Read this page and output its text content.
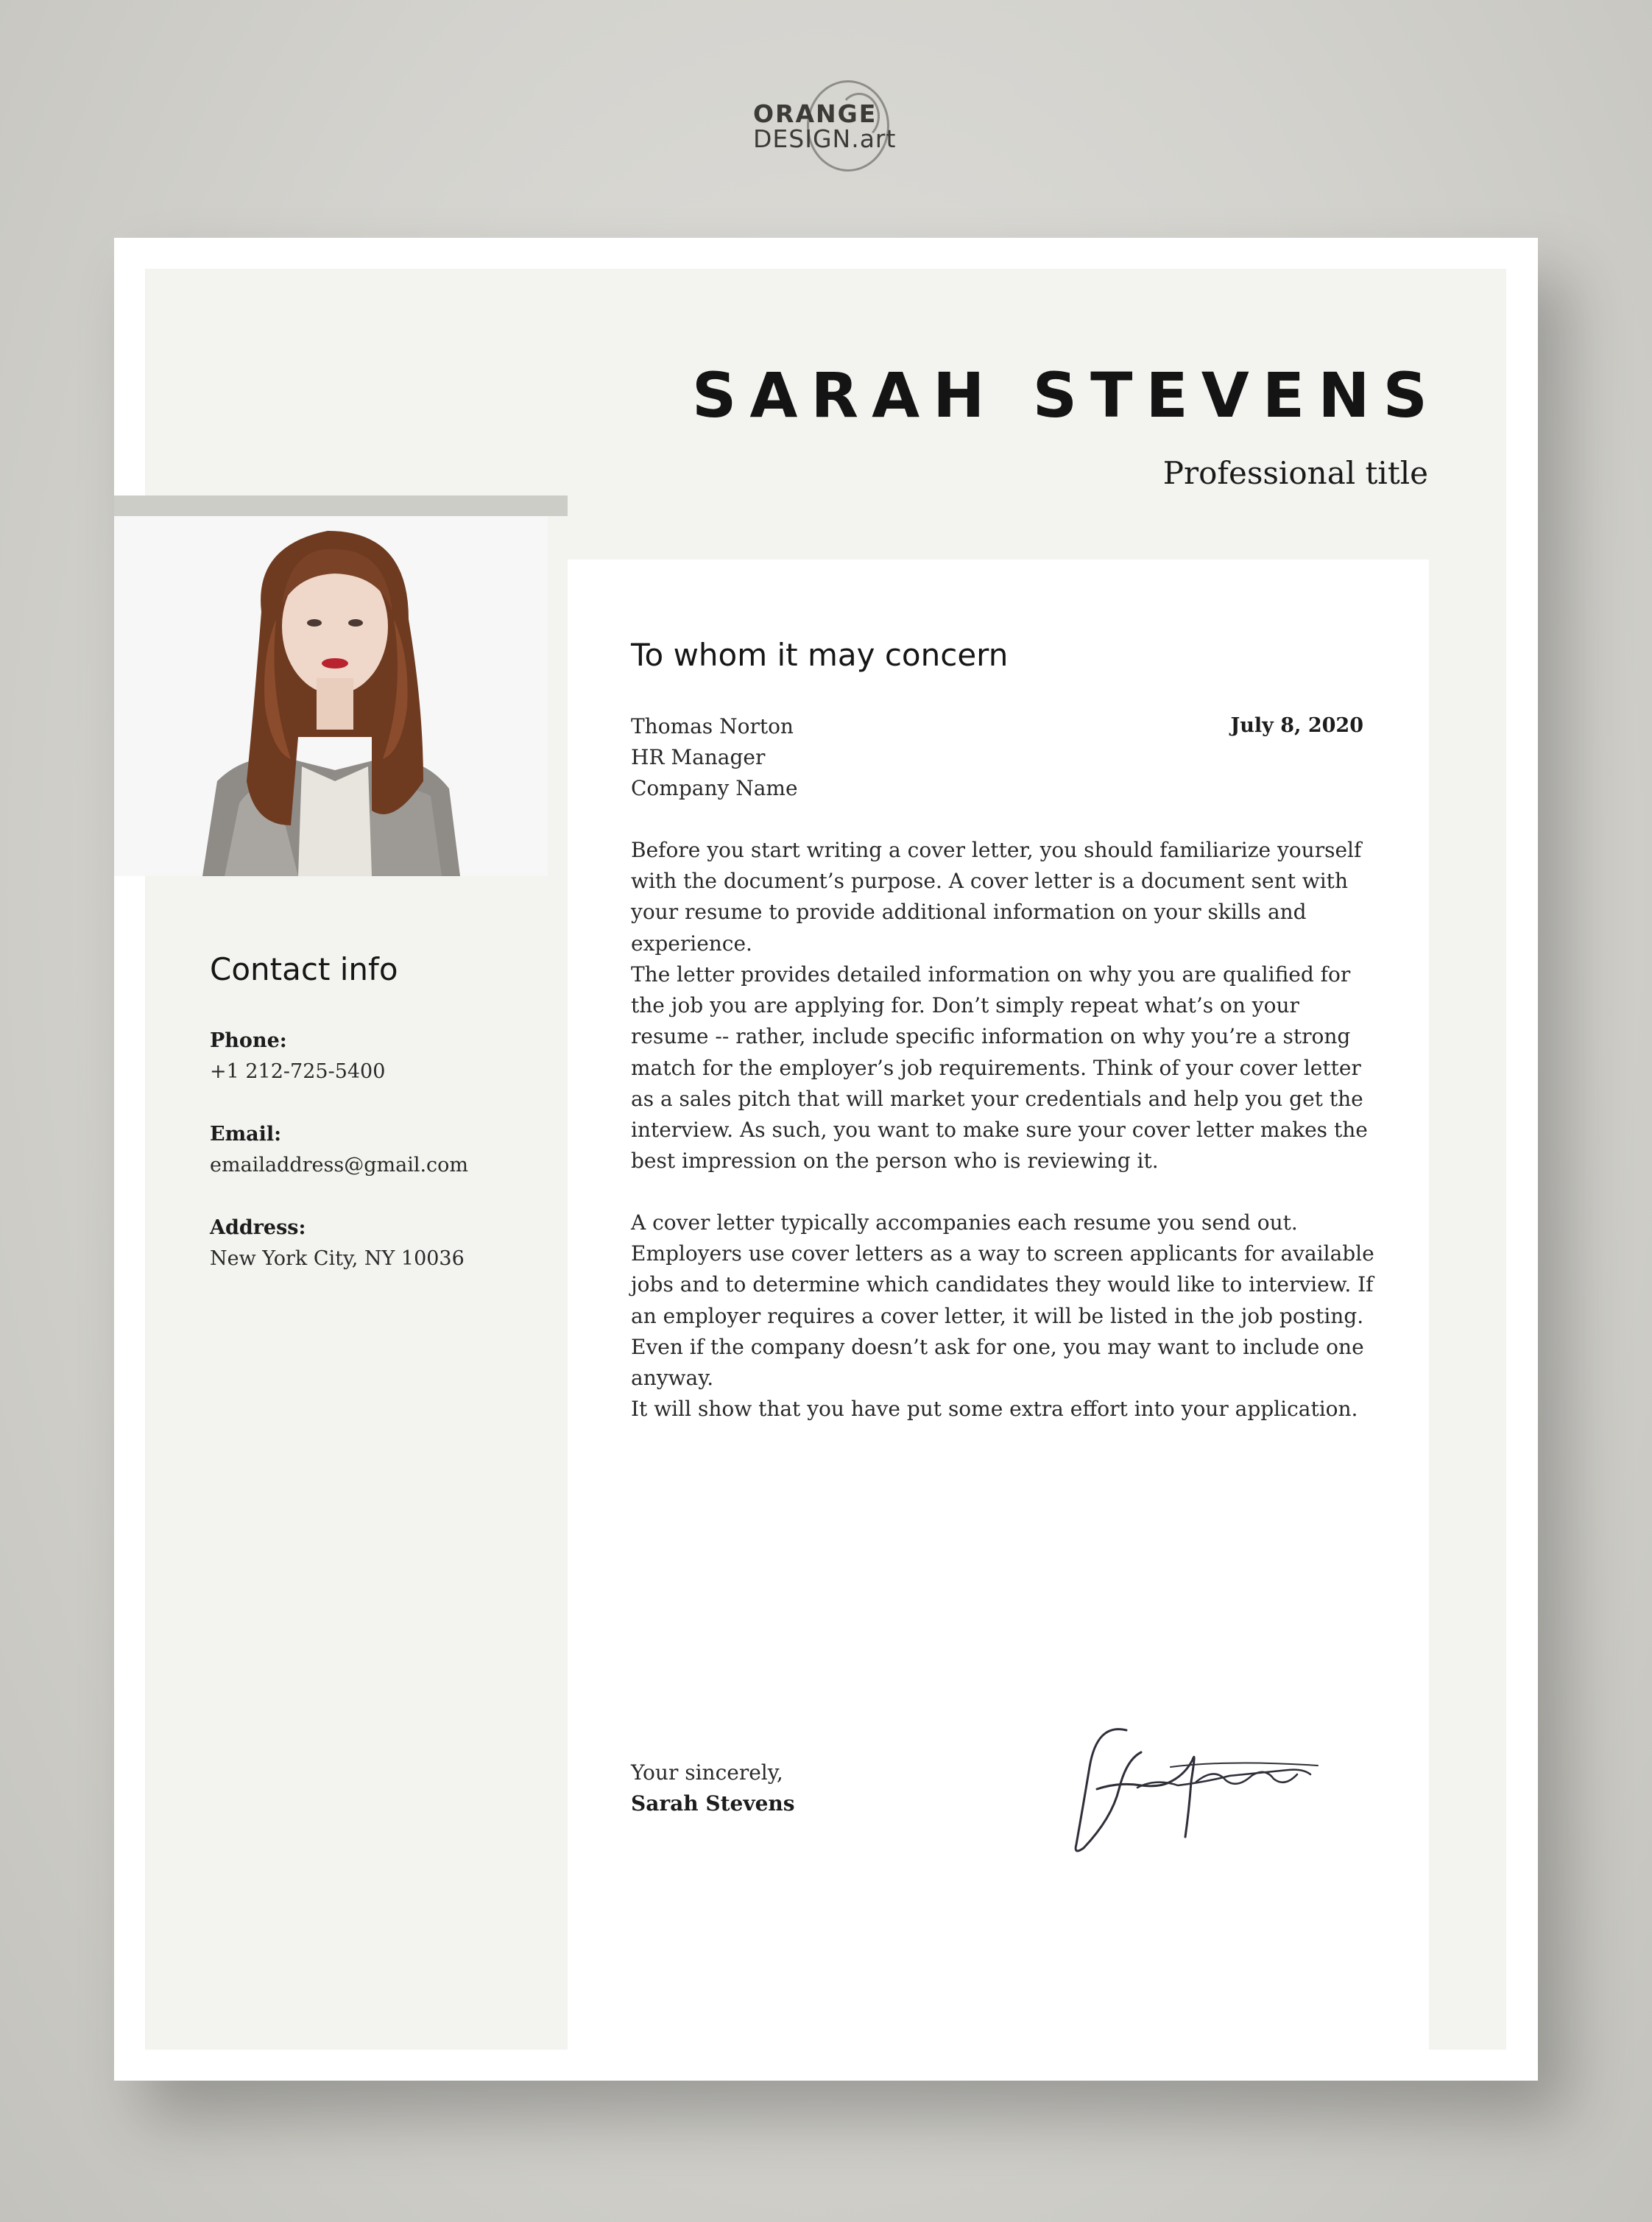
ORANGE
DESIGN.art
SARAH STEVENS
Professional title
Contact info
Phone:
+1 212-725-5400
Email:
emailaddress@gmail.com
Address:
New York City, NY 10036
To whom it may concern
Thomas Norton
HR Manager
Company Name
July 8, 2020

Before you start writing a cover letter, you should familiarize yourself with the document’s purpose. A cover letter is a document sent with your resume to provide additional information on your skills and experience.

The letter provides detailed information on why you are qualified for the job you are applying for. Don’t simply repeat what’s on your resume -- rather, include specific information on why you’re a strong match for the employer’s job requirements. Think of your cover letter as a sales pitch that will market your credentials and help you get the interview. As such, you want to make sure your cover letter makes the best impression on the person who is reviewing it.

A cover letter typically accompanies each resume you send out. Employers use cover letters as a way to screen applicants for available jobs and to determine which candidates they would like to interview. If an employer requires a cover letter, it will be listed in the job posting. Even if the company doesn’t ask for one, you may want to include one anyway.

It will show that you have put some extra effort into your application.

Your sincerely,
Sarah Stevens
